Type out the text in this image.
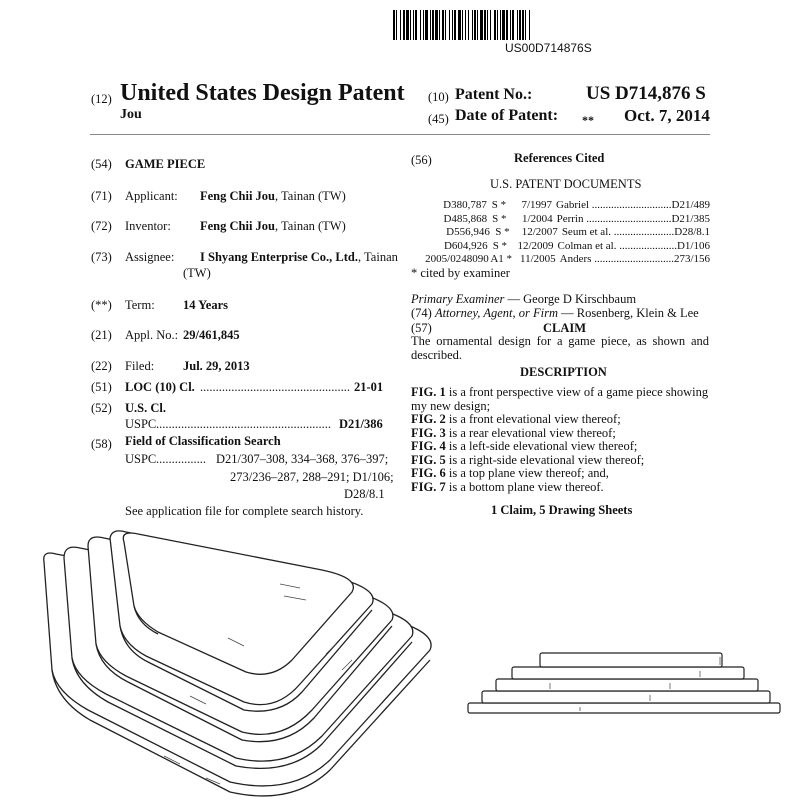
US00D714876S
(12) United States Design Patent
Jou
(10) Patent No.:	US D714,876 S
(45) Date of Patent: ** Oct. 7, 2014
(54) GAME PIECE
(71) Applicant: Feng Chii Jou, Tainan (TW)
(72) Inventor: Feng Chii Jou, Tainan (TW)
(73) Assignee: I Shyang Enterprise Co., Ltd., Tainan
(TW)
(**) Term: 14 Years
(21) Appl. No.: 29/461,845
(22) Filed: Jul. 29, 2013
(51) LOC (10) Cl. ................................................ 21-01
(52) U.S. Cl.
USPC ........................................................ D21/386
(58) Field of Classification Search
USPC ................ D21/307–308, 334–368, 376–397;
273/236–287, 288–291; D1/106;
D28/8.1
See application file for complete search history.
(56)	References Cited
U.S. PATENT DOCUMENTS
D380,787 S *	7/1997 Gabriel ............................. D21/489
D485,868 S *	1/2004 Perrin ............................... D21/385
D556,946 S *	12/2007 Seum et al. ...................... D28/8.1
D604,926 S * 12/2009 Colman et al. ..................... D1/106
2005/0248090 A1 * 11/2005 Anders ............................. 273/156
* cited by examiner
Primary Examiner — George D Kirschbaum
(74) Attorney, Agent, or Firm — Rosenberg, Klein & Lee
(57)	CLAIM
The ornamental design for a game piece, as shown and described.
DESCRIPTION
FIG. 1 is a front perspective view of a game piece showing my new design;
FIG. 2 is a front elevational view thereof;
FIG. 3 is a rear elevational view thereof;
FIG. 4 is a left-side elevational view thereof;
FIG. 5 is a right-side elevational view thereof;
FIG. 6 is a top plane view thereof; and,
FIG. 7 is a bottom plane view thereof.
1 Claim, 5 Drawing Sheets
